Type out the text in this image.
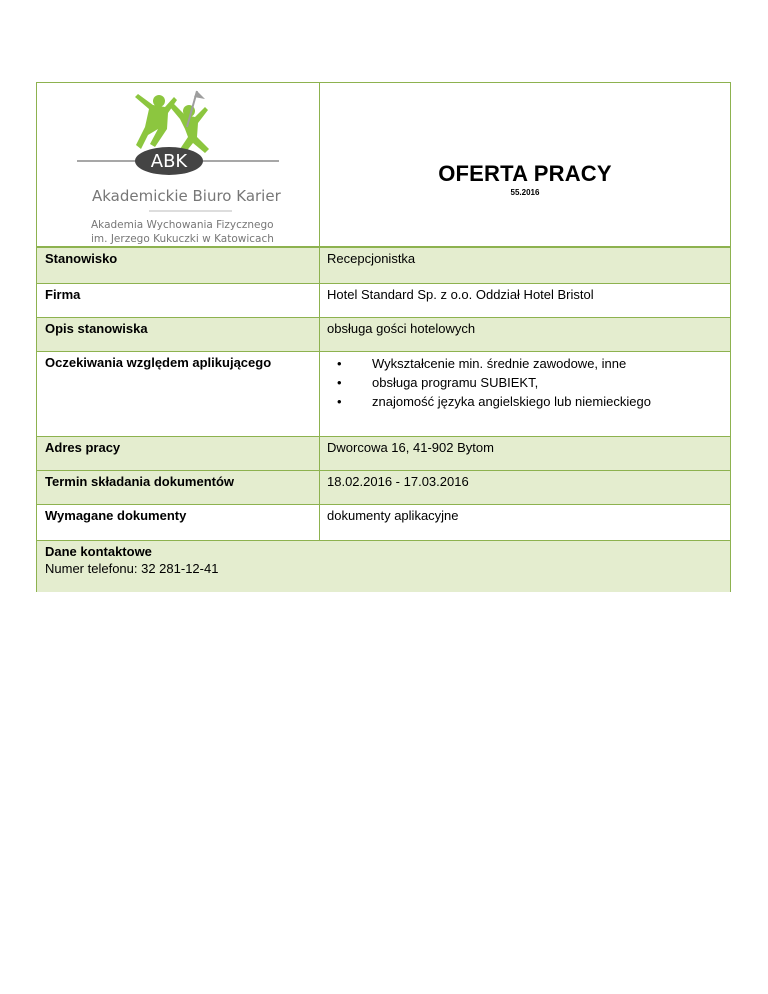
ABK
Akademickie Biuro Karier
Akademia Wychowania Fizycznego
im. Jerzego Kukuczki w Katowicach
OFERTA PRACY
55.2016
Stanowisko	Recepcjonistka
Firma	Hotel Standard Sp. z o.o. Oddział Hotel Bristol
Opis stanowiska	obsługa gości hotelowych
Oczekiwania względem aplikującego
•	Wykształcenie min. średnie zawodowe, inne
• obsługa programu SUBIEKT,
• znajomość języka angielskiego lub niemieckiego
Adres pracy	Dworcowa 16, 41-902 Bytom
Termin składania dokumentów	18.02.2016 - 17.03.2016
Wymagane dokumenty	dokumenty aplikacyjne
Dane kontaktowe
Numer telefonu: 32 281-12-41
